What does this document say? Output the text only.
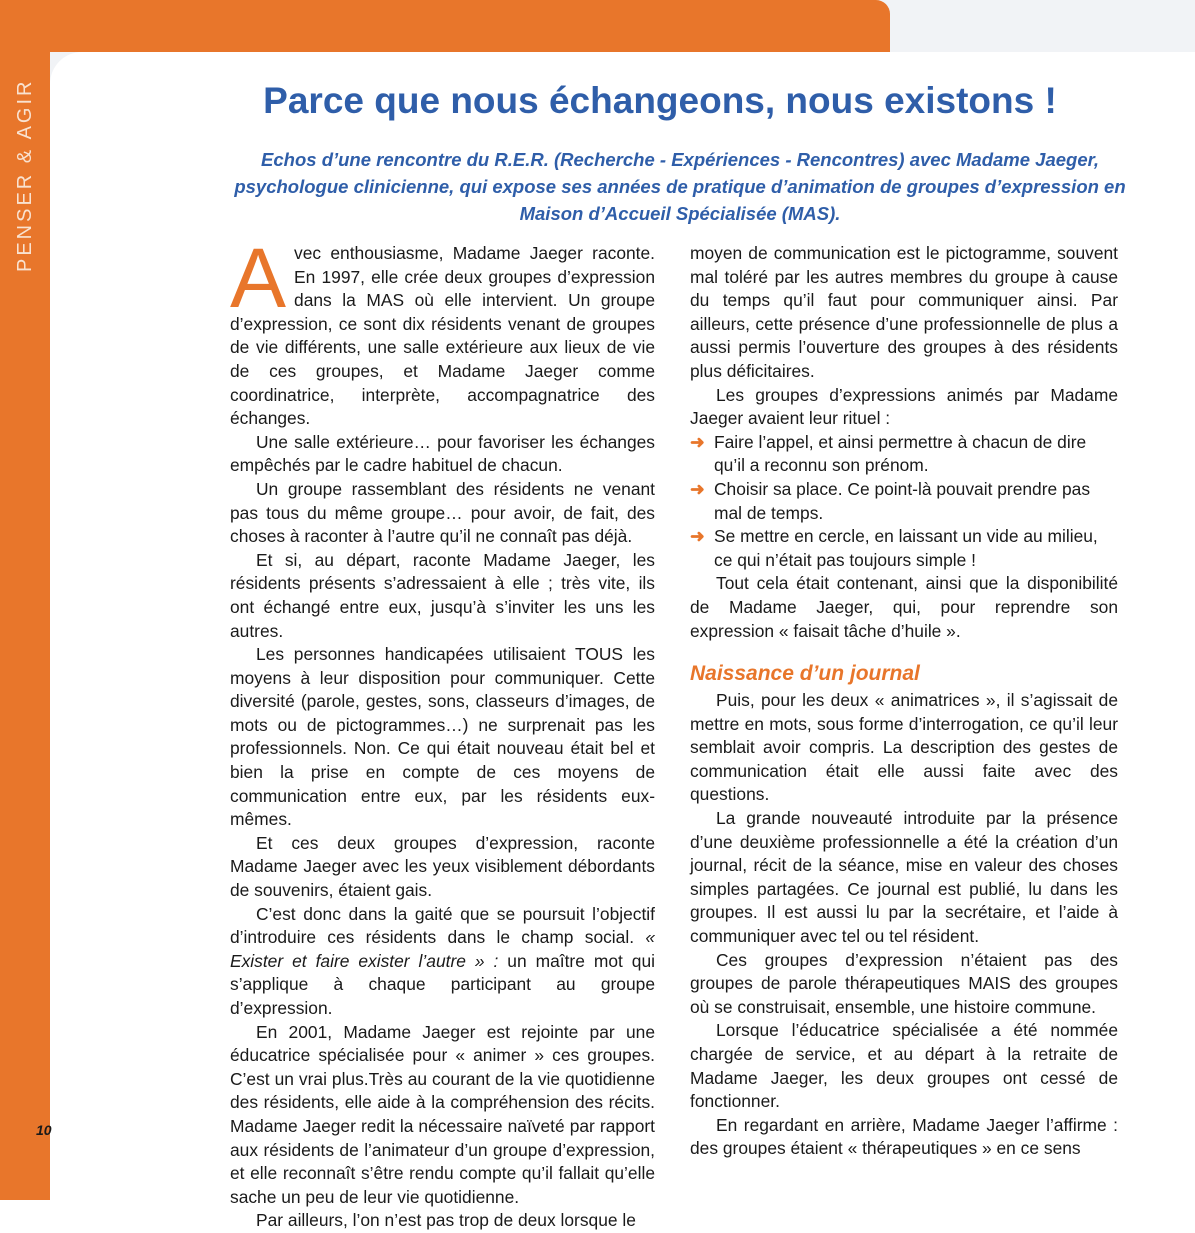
PENSER & AGIR	Parce que nous échangeons, nous existons !

Echos d’une rencontre du R.E.R. (Recherche - Expériences - Rencontres) avec Madame Jaeger, psychologue clinicienne, qui expose ses années de pratique d’animation de groupes d’expression en Maison d’Accueil Spécialisée (MAS).

Avec enthousiasme, Madame Jaeger raconte. En 1997, elle crée deux groupes d’expression dans la MAS où elle intervient. Un groupe d’expression, ce sont dix résidents venant de groupes de vie différents, une salle extérieure aux lieux de vie de ces groupes, et Madame Jaeger comme coordinatrice, interprète, accompagnatrice des échanges.

Une salle extérieure… pour favoriser les échanges empêchés par le cadre habituel de chacun.

Un groupe rassemblant des résidents ne venant pas tous du même groupe… pour avoir, de fait, des choses à raconter à l’autre qu’il ne connaît pas déjà.

Et si, au départ, raconte Madame Jaeger, les résidents présents s’adressaient à elle ; très vite, ils ont échangé entre eux, jusqu’à s’inviter les uns les autres.

Les personnes handicapées utilisaient TOUS les moyens à leur disposition pour communiquer. Cette diversité (parole, gestes, sons, classeurs d’images, de mots ou de pictogrammes…) ne surprenait pas les professionnels. Non. Ce qui était nouveau était bel et bien la prise en compte de ces moyens de communication entre eux, par les résidents eux-mêmes.

Et ces deux groupes d’expression, raconte Madame Jaeger avec les yeux visiblement débordants de souvenirs, étaient gais.

C’est donc dans la gaité que se poursuit l’objectif d’introduire ces résidents dans le champ social. « Exister et faire exister l’autre » : un maître mot qui s’applique à chaque participant au groupe d’expression.

En 2001, Madame Jaeger est rejointe par une éducatrice spécialisée pour « animer » ces groupes. C’est un vrai plus.Très au courant de la vie quotidienne des résidents, elle aide à la compréhension des récits. Madame Jaeger redit la nécessaire naïveté par rapport aux résidents de l’animateur d’un groupe d’expression, et elle reconnaît s’être rendu compte qu’il fallait qu’elle sache un peu de leur vie quotidienne.

Par ailleurs, l’on n’est pas trop de deux lorsque le

moyen de communication est le pictogramme, souvent mal toléré par les autres membres du groupe à cause du temps qu’il faut pour communiquer ainsi. Par ailleurs, cette présence d’une professionnelle de plus a aussi permis l’ouverture des groupes à des résidents plus déficitaires.

Les groupes d’expressions animés par Madame Jaeger avaient leur rituel :

➜ Faire l’appel, et ainsi permettre à chacun de dire qu’il a reconnu son prénom.
➜ Choisir sa place. Ce point-là pouvait prendre pas mal de temps.
➜ Se mettre en cercle, en laissant un vide au milieu, ce qui n’était pas toujours simple !

Tout cela était contenant, ainsi que la disponibilité de Madame Jaeger, qui, pour reprendre son expression « faisait tâche d’huile ».

Naissance d’un journal

Puis, pour les deux « animatrices », il s’agissait de mettre en mots, sous forme d’interrogation, ce qu’il leur semblait avoir compris. La description des gestes de communication était elle aussi faite avec des questions.

La grande nouveauté introduite par la présence d’une deuxième professionnelle a été la création d’un journal, récit de la séance, mise en valeur des choses simples partagées. Ce journal est publié, lu dans les groupes. Il est aussi lu par la secrétaire, et l’aide à communiquer avec tel ou tel résident.

Ces groupes d’expression n’étaient pas des groupes de parole thérapeutiques MAIS des groupes où se construisait, ensemble, une histoire commune.

Lorsque l’éducatrice spécialisée a été nommée chargée de service, et au départ à la retraite de Madame Jaeger, les deux groupes ont cessé de fonctionner.

En regardant en arrière, Madame Jaeger l’affirme : des groupes étaient « thérapeutiques » en ce sens

10
